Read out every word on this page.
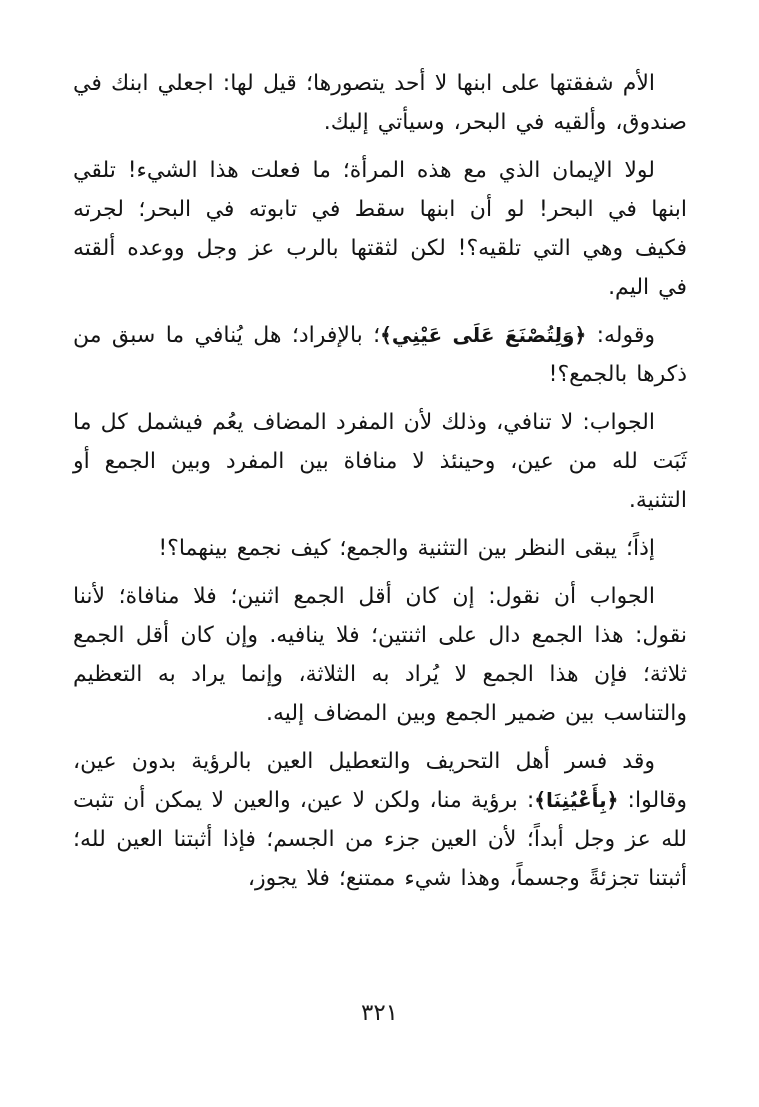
الأم شفقتها على ابنها لا أحد يتصورها؛ قيل لها: اجعلي ابنك في صندوق، وألقيه في البحر، وسيأتي إليك.

لولا الإيمان الذي مع هذه المرأة؛ ما فعلت هذا الشيء! تلقي ابنها في البحر! لو أن ابنها سقط في تابوته في البحر؛ لجرته فكيف وهي التي تلقيه؟! لكن لثقتها بالرب عز وجل ووعده ألقته في اليم.

وقوله: ﴿وَلِتُصْنَعَ عَلَى عَيْنِي﴾؛ بالإفراد؛ هل يُنافي ما سبق من ذكرها بالجمع؟!

الجواب: لا تنافي، وذلك لأن المفرد المضاف يعُم فيشمل كل ما ثَبَت لله من عين، وحينئذ لا منافاة بين المفرد وبين الجمع أو التثنية.

إذاً؛ يبقى النظر بين التثنية والجمع؛ كيف نجمع بينهما؟!

الجواب أن نقول: إن كان أقل الجمع اثنين؛ فلا منافاة؛ لأننا نقول: هذا الجمع دال على اثنتين؛ فلا ينافيه. وإن كان أقل الجمع ثلاثة؛ فإن هذا الجمع لا يُراد به الثلاثة، وإنما يراد به التعظيم والتناسب بين ضمير الجمع وبين المضاف إليه.

وقد فسر أهل التحريف والتعطيل العين بالرؤية بدون عين، وقالوا: ﴿بِأَعْيُنِنَا﴾: برؤية منا، ولكن لا عين، والعين لا يمكن أن تثبت لله عز وجل أبداً؛ لأن العين جزء من الجسم؛ فإذا أثبتنا العين لله؛ أثبتنا تجزئةً وجسماً، وهذا شيء ممتنع؛ فلا يجوز،

٣٢١
